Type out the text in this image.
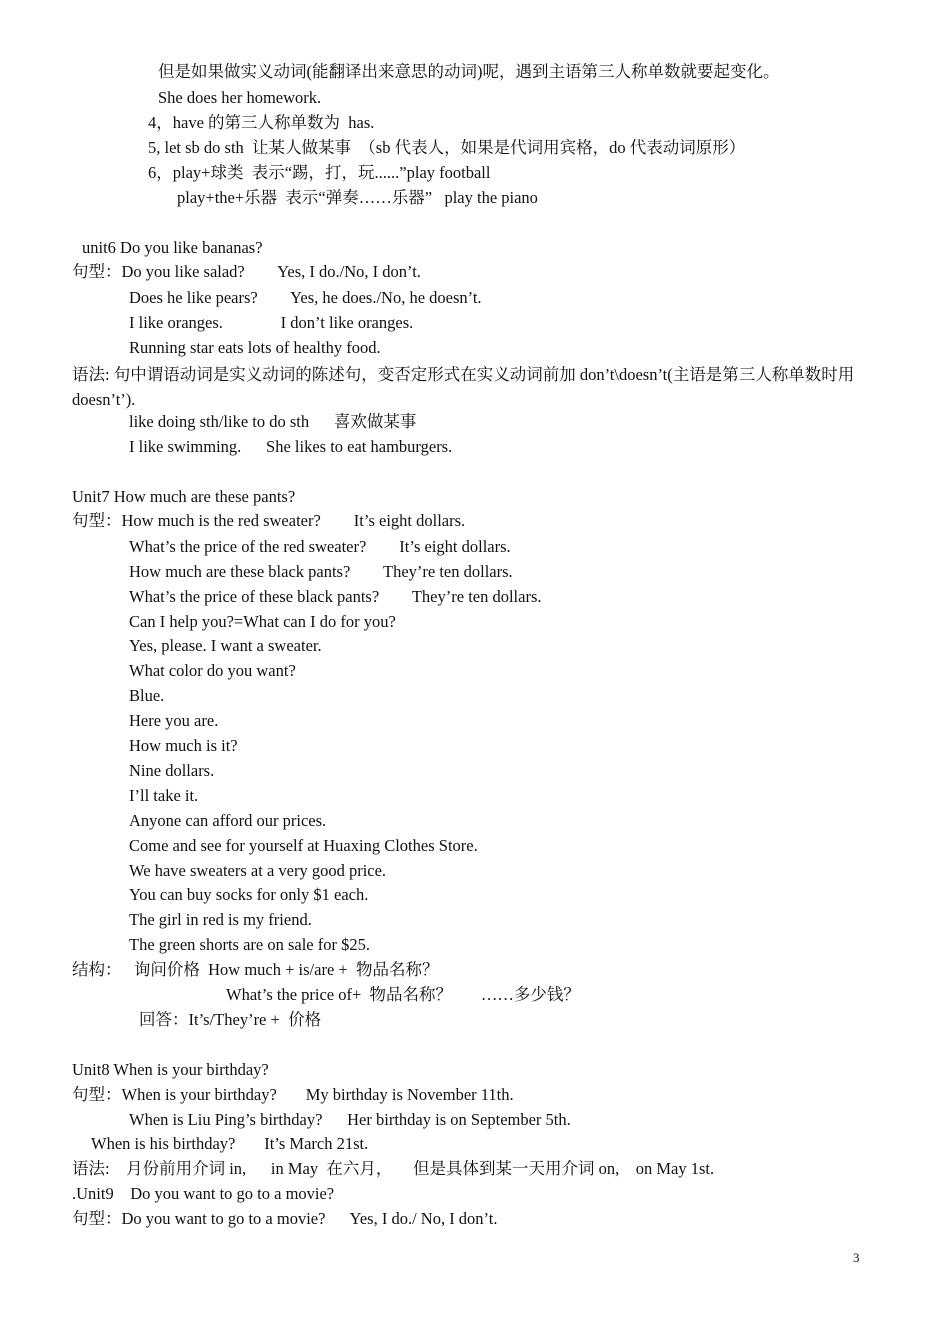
但是如果做实义动词(能翻译出来意思的动词)呢，遇到主语第三人称单数就要起变化。
She does her homework.
4，have 的第三人称单数为  has.
5, let sb do sth  让某人做某事  （sb 代表人，如果是代词用宾格，do 代表动词原形）
6，play+球类  表示“踢，打，玩......”play football
play+the+乐器  表示“弹奏……乐器”   play the piano
unit6 Do you like bananas?
句型：Do you like salad?        Yes, I do./No, I don’t.
Does he like pears?        Yes, he does./No, he doesn’t.
I like oranges.              I don’t like oranges.
Running star eats lots of healthy food.
语法: 句中谓语动词是实义动词的陈述句，变否定形式在实义动词前加 don’t\doesn’t(主语是第三人称单数时用 doesn’t’).
like doing sth/like to do sth      喜欢做某事
I like swimming.      She likes to eat hamburgers.
Unit7 How much are these pants?
句型：How much is the red sweater?        It’s eight dollars.
What’s the price of the red sweater?        It’s eight dollars.
How much are these black pants?        They’re ten dollars.
What’s the price of these black pants?        They’re ten dollars.
Can I help you?=What can I do for you?
Yes, please. I want a sweater.
What color do you want?
Blue.
Here you are.
How much is it?
Nine dollars.
I’ll take it.
Anyone can afford our prices.
Come and see for yourself at Huaxing Clothes Store.
We have sweaters at a very good price.
You can buy socks for only $1 each.
The girl in red is my friend.
The green shorts are on sale for $25.
结构：   询问价格  How much + is/are +  物品名称？
What’s the price of+  物品名称？       ……多少钱？
回答：It’s/They’re +  价格
Unit8 When is your birthday?
句型：When is your birthday?       My birthday is November 11th.
When is Liu Ping’s birthday?      Her birthday is on September 5th.
When is his birthday?       It’s March 21st.
语法:    月份前用介词 in,      in May  在六月，     但是具体到某一天用介词 on,    on May 1st.
.Unit9    Do you want to go to a movie?
句型：Do you want to go to a movie?      Yes, I do./ No, I don’t.
3
